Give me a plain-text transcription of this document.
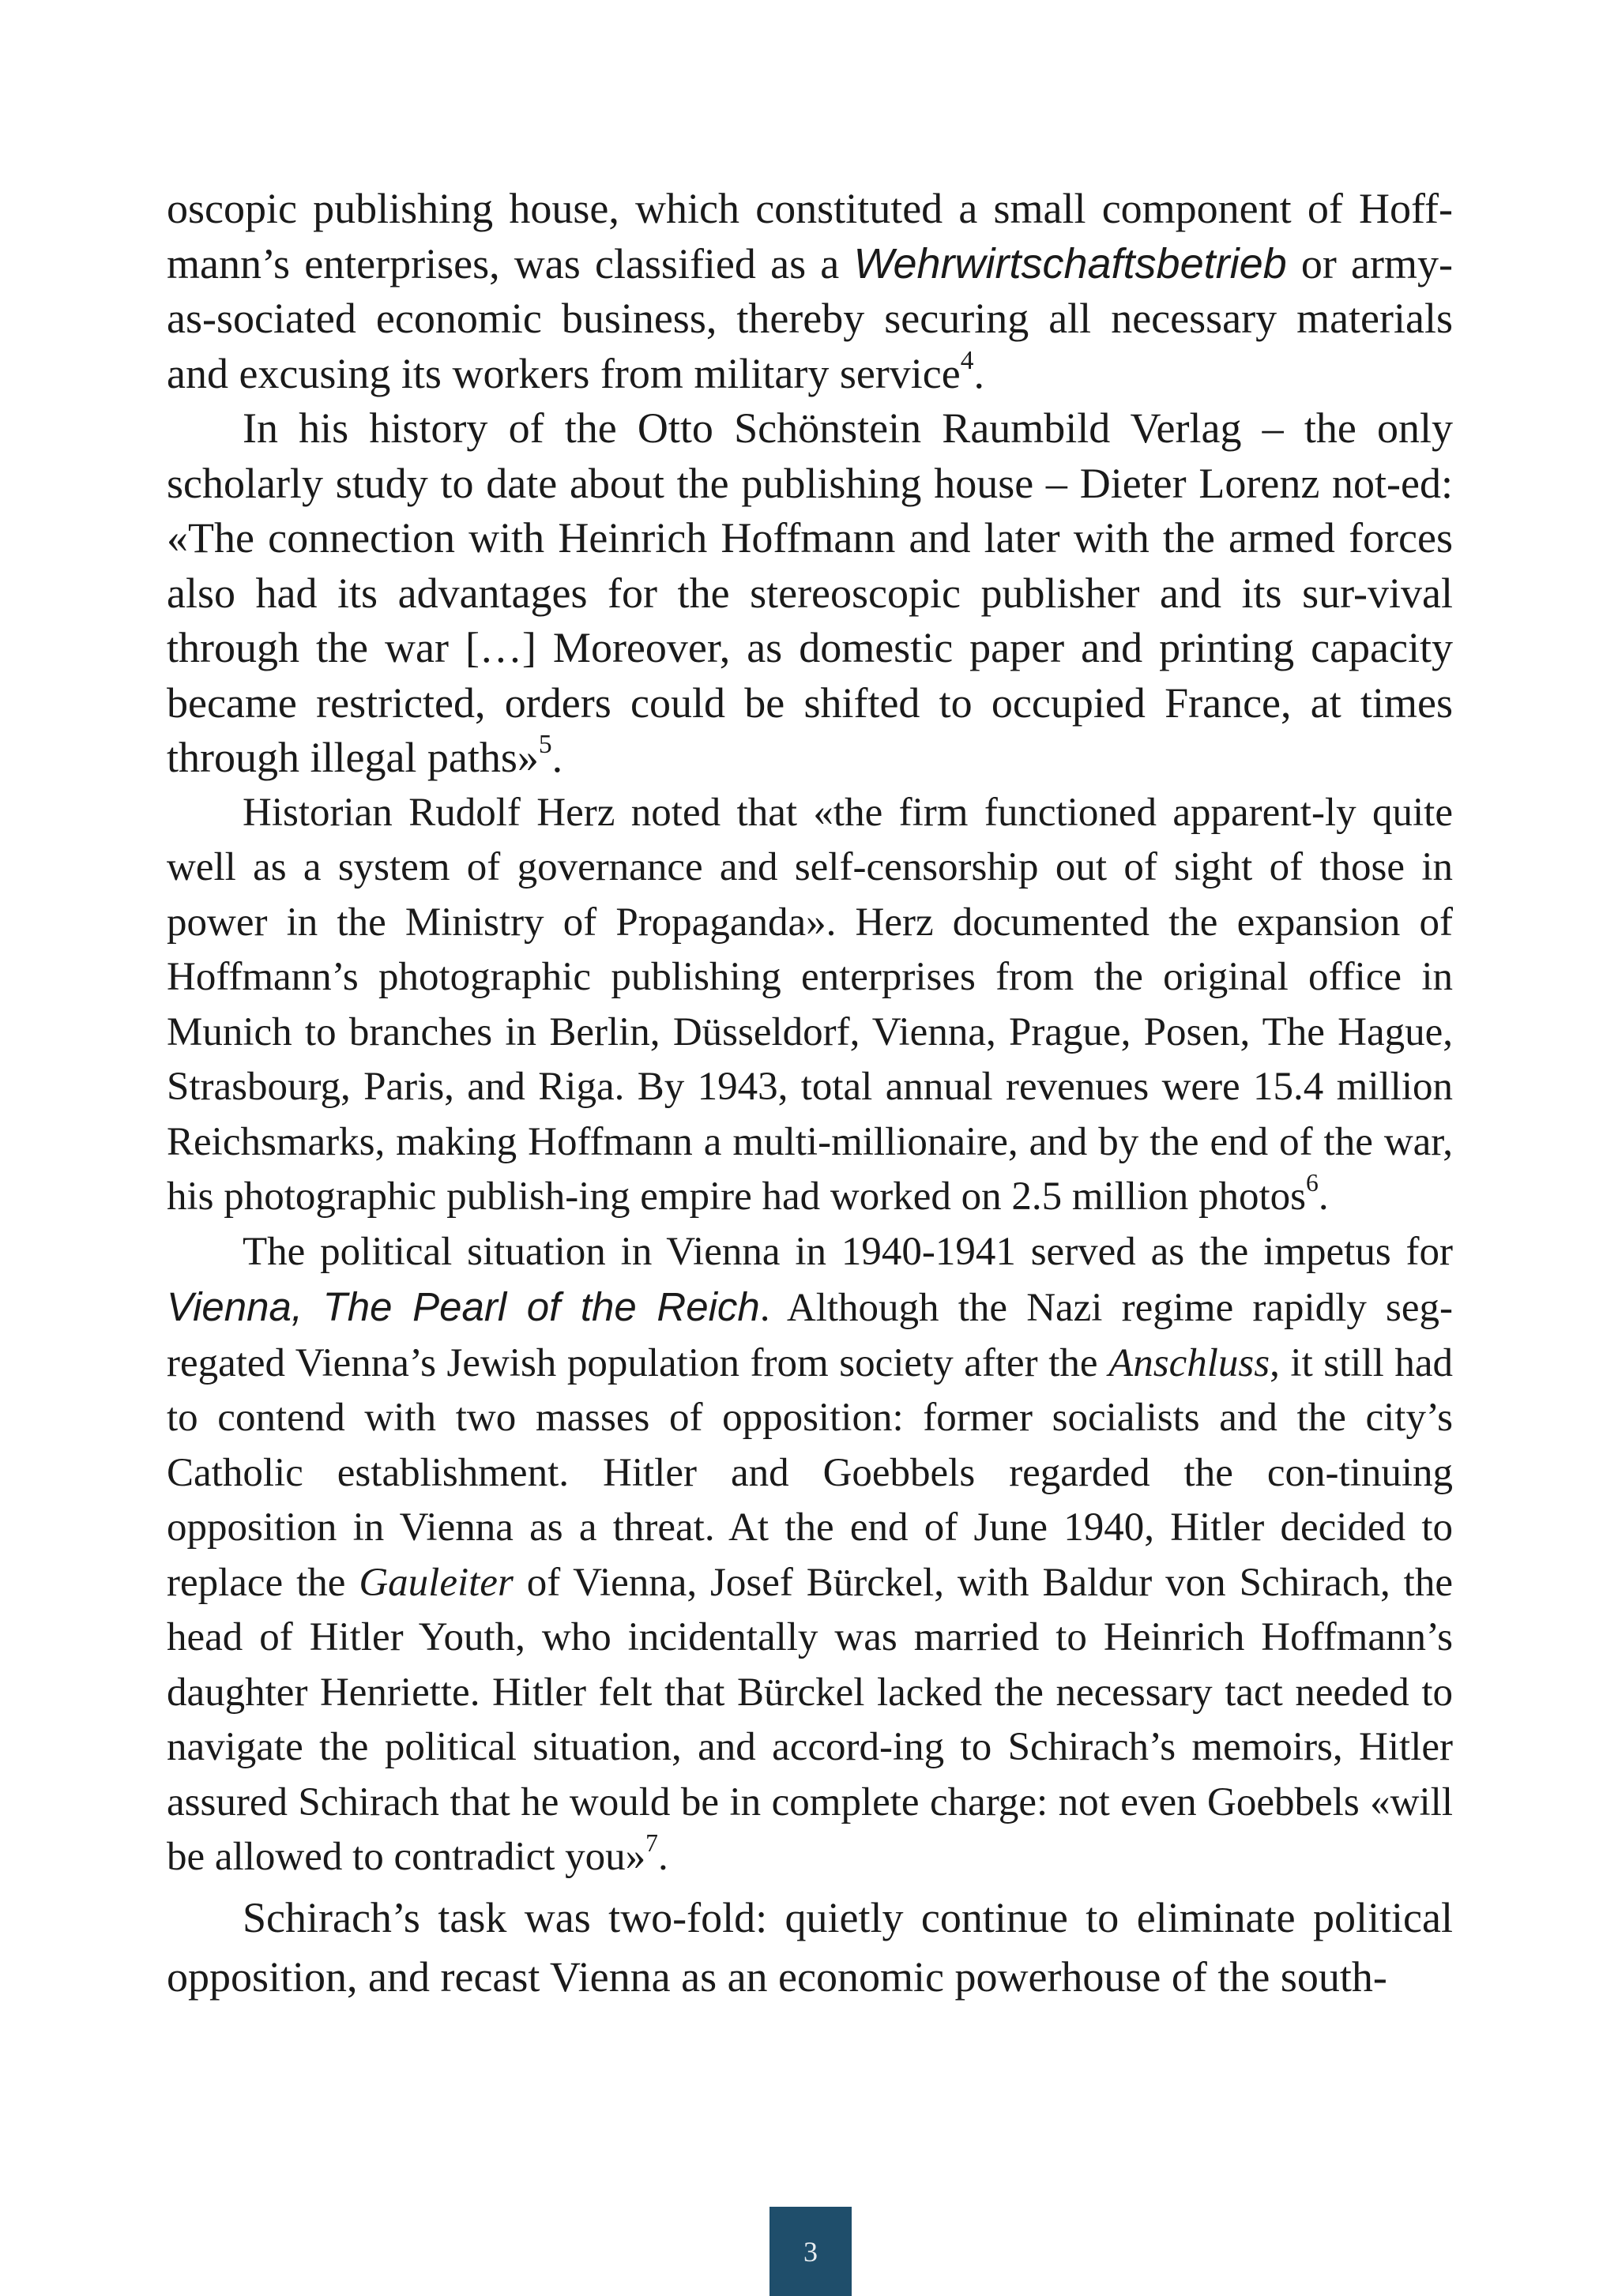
oscopic publishing house, which constituted a small component of Hoff-mann’s enterprises, was classified as a Wehrwirtschaftsbetrieb or army-as-sociated economic business, thereby securing all necessary materials and excusing its workers from military service$^4$.

In his history of the Otto Schönstein Raumbild Verlag – the only scholarly study to date about the publishing house – Dieter Lorenz not-ed: «The connection with Heinrich Hoffmann and later with the armed forces also had its advantages for the stereoscopic publisher and its sur-vival through the war […] Moreover, as domestic paper and printing capacity became restricted, orders could be shifted to occupied France, at times through illegal paths»$^5$.

Historian Rudolf Herz noted that «the firm functioned apparent-ly quite well as a system of governance and self-censorship out of sight of those in power in the Ministry of Propaganda». Herz documented the expansion of Hoffmann’s photographic publishing enterprises from the original office in Munich to branches in Berlin, Düsseldorf, Vienna, Prague, Posen, The Hague, Strasbourg, Paris, and Riga. By 1943, total annual revenues were 15.4 million Reichsmarks, making Hoffmann a multi-millionaire, and by the end of the war, his photographic publish-ing empire had worked on 2.5 million photos$^6$.

The political situation in Vienna in 1940-1941 served as the impetus for Vienna, The Pearl of the Reich. Although the Nazi regime rapidly seg-regated Vienna’s Jewish population from society after the Anschluss, it still had to contend with two masses of opposition: former socialists and the city’s Catholic establishment. Hitler and Goebbels regarded the con-tinuing opposition in Vienna as a threat. At the end of June 1940, Hitler decided to replace the Gauleiter of Vienna, Josef Bürckel, with Baldur von Schirach, the head of Hitler Youth, who incidentally was married to Heinrich Hoffmann’s daughter Henriette. Hitler felt that Bürckel lacked the necessary tact needed to navigate the political situation, and accord-ing to Schirach’s memoirs, Hitler assured Schirach that he would be in complete charge: not even Goebbels «will be allowed to contradict you»$^7$.

Schirach’s task was two-fold: quietly continue to eliminate political opposition, and recast Vienna as an economic powerhouse of the south-

3
